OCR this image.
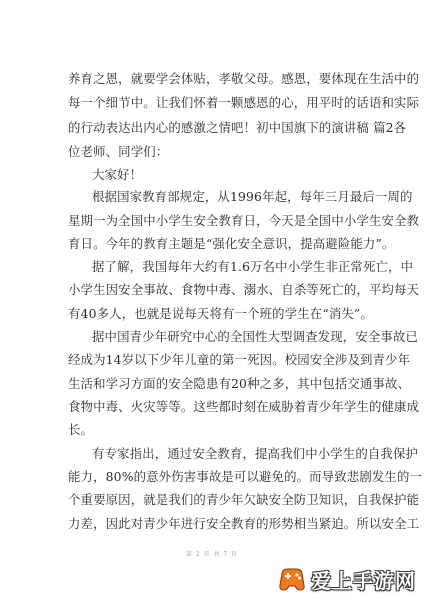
养育之恩，就要学会体贴，孝敬父母。感恩，要体现在生活中的
每一个细节中。让我们怀着一颗感恩的心，用平时的话语和实际
的行动表达出内心的感激之情吧！初中国旗下的演讲稿 篇2各
位老师、同学们：
大家好！
根据国家教育部规定，从1996年起，每年三月最后一周的
星期一为全国中小学生安全教育日，今天是全国中小学生安全教
育日。今年的教育主题是“强化安全意识，提高避险能力”。
据了解，我国每年大约有1.6万名中小学生非正常死亡，中
小学生因安全事故、食物中毒、溺水、自杀等死亡的，平均每天
有40多人，也就是说每天将有一个班的学生在“消失”。
据中国青少年研究中心的全国性大型调查发现，安全事故已
经成为14岁以下少年儿童的第一死因。校园安全涉及到青少年
生活和学习方面的安全隐患有20种之多，其中包括交通事故、
食物中毒、火灾等等。这些都时刻在威胁着青少年学生的健康成
长。
有专家指出，通过安全教育，提高我们中小学生的自我保护
能力，80%的意外伤害事故是可以避免的。而导致悲剧发生的一
个重要原因，就是我们的青少年欠缺安全防卫知识，自我保护能
力差，因此对青少年进行安全教育的形势相当紧迫。所以安全工
第 2 页 共 7 页
爱上手游网
